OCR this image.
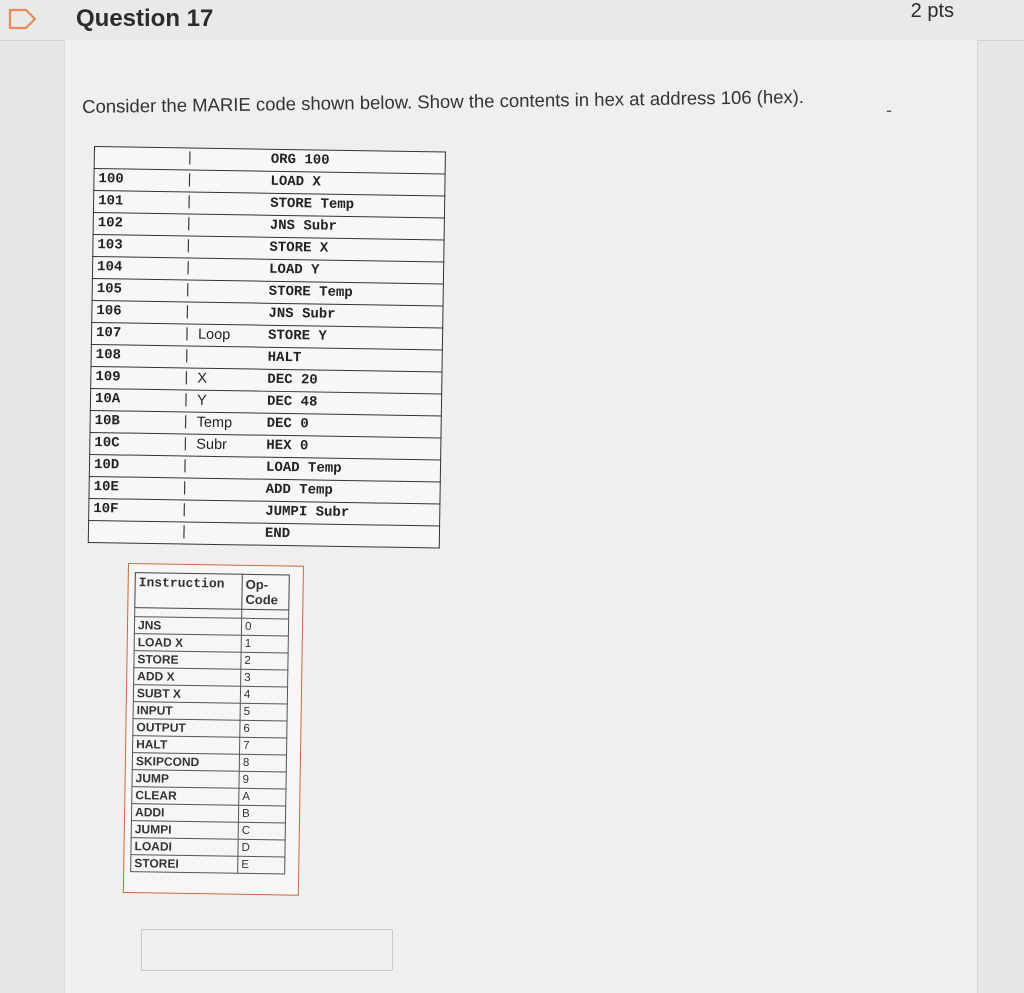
Question 17	2 pts
Consider the MARIE code shown below. Show the contents in hex at address 106 (hex).	-
	|		ORG 100
100	|		LOAD X
101	|		STORE Temp
102	|		JNS Subr
103	|		STORE X
104	|		LOAD Y
105	|		STORE Temp
106	|		JNS Subr
107	|	Loop	STORE Y
108	|		HALT
109	|	X	DEC 20
10A	|	Y	DEC 48
10B	|	Temp	DEC 0
10C	|	Subr	HEX 0
10D	|		LOAD Temp
10E	|		ADD Temp
10F	|		JUMPI Subr
	|		END
Instruction	Op-
Code

JNS	0
LOAD X	1
STORE	2
ADD X	3
SUBT X	4
INPUT	5
OUTPUT	6
HALT	7
SKIPCOND	8
JUMP	9
CLEAR	A
ADDI	B
JUMPI	C
LOADI	D
STOREI	E
